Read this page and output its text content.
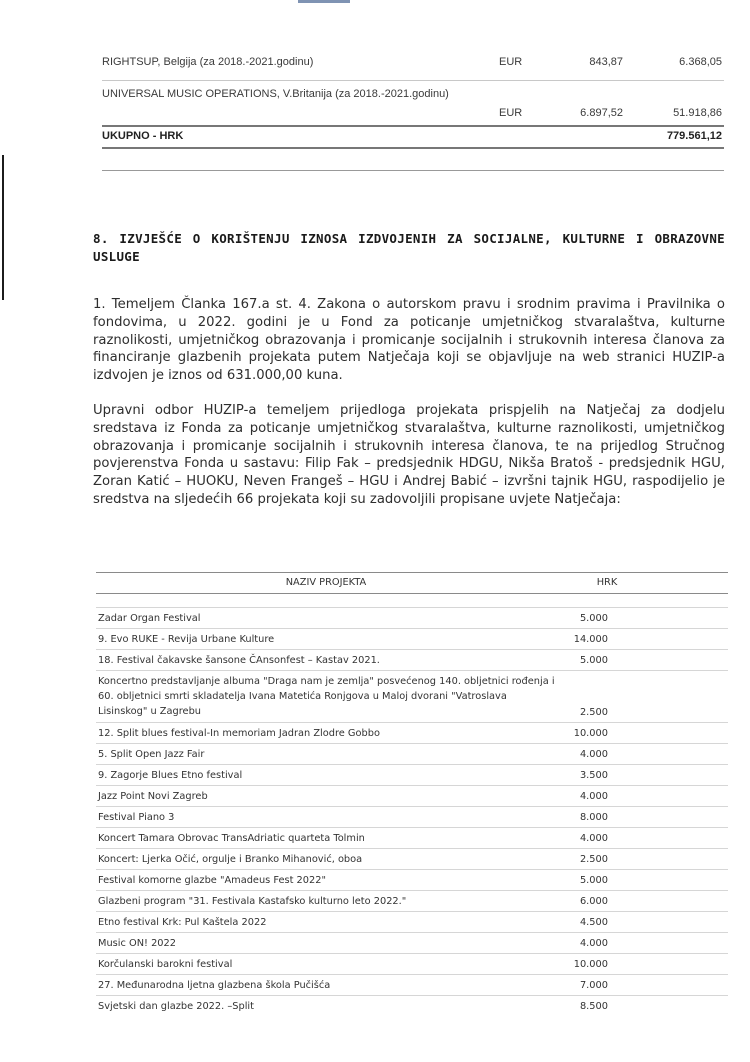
RIGHTSUP, Belgija (za 2018.-2021.godinu)	EUR	843,87	6.368,05
UNIVERSAL MUSIC OPERATIONS, V.Britanija (za 2018.-2021.godinu)
EUR	6.897,52	51.918,86
UKUPNO - HRK	779.561,12
8. IZVJEŠĆE O KORIŠTENJU IZNOSA IZDVOJENIH ZA SOCIJALNE, KULTURNE I OBRAZOVNE USLUGE
1. Temeljem Članka 167.a st. 4. Zakona o autorskom pravu i srodnim pravima i Pravilnika o fondovima, u 2022. godini je u Fond za poticanje umjetničkog stvaralaštva, kulturne raznolikosti, umjetničkog obrazovanja i promicanje socijalnih i strukovnih interesa članova za financiranje glazbenih projekata putem Natječaja koji se objavljuje na web stranici HUZIP-a izdvojen je iznos od 631.000,00 kuna.
Upravni odbor HUZIP-a temeljem prijedloga projekata prispjelih na Natječaj za dodjelu sredstava iz Fonda za poticanje umjetničkog stvaralaštva, kulturne raznolikosti, umjetničkog obrazovanja i promicanje socijalnih i strukovnih interesa članova, te na prijedlog Stručnog povjerenstva Fonda u sastavu: Filip Fak – predsjednik HDGU, Nikša Bratoš - predsjednik HGU, Zoran Katić – HUOKU, Neven Frangeš – HGU i Andrej Babić – izvršni tajnik HGU, raspodijelio je sredstva na sljedećih 66 projekata koji su zadovoljili propisane uvjete Natječaja:
NAZIV PROJEKTA	HRK
Zadar Organ Festival	5.000
9. Evo RUKE - Revija Urbane Kulture	14.000
18. Festival čakavske šansone ČAnsonfest – Kastav 2021.	5.000
Koncertno predstavljanje albuma "Draga nam je zemlja" posvećenog 140. obljetnici rođenja i 60. obljetnici smrti skladatelja Ivana Matetića Ronjgova u Maloj dvorani "Vatroslava Lisinskog" u Zagrebu	2.500
12. Split blues festival-In memoriam Jadran Zlodre Gobbo	10.000
5. Split Open Jazz Fair	4.000
9. Zagorje Blues Etno festival	3.500
Jazz Point Novi Zagreb	4.000
Festival Piano 3	8.000
Koncert Tamara Obrovac TransAdriatic quarteta Tolmin	4.000
Koncert: Ljerka Očić, orgulje i Branko Mihanović, oboa	2.500
Festival komorne glazbe "Amadeus Fest 2022"	5.000
Glazbeni program "31. Festivala Kastafsko kulturno leto 2022."	6.000
Etno festival Krk: Pul Kaštela 2022	4.500
Music ON! 2022	4.000
Korčulanski barokni festival	10.000
27. Međunarodna ljetna glazbena škola Pučišća	7.000
Svjetski dan glazbe 2022. –Split	8.500
